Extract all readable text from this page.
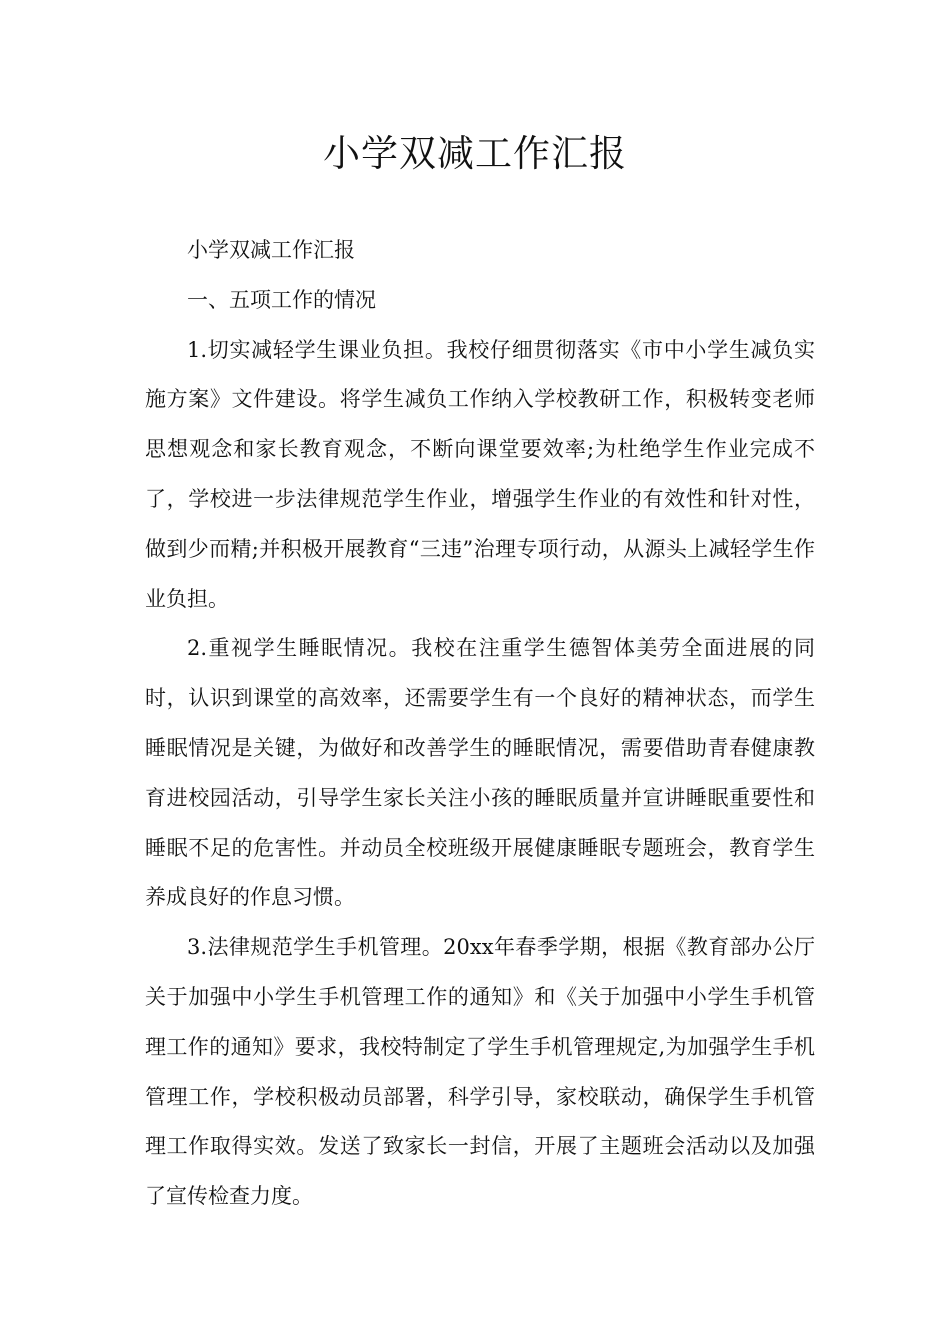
小学双减工作汇报

小学双减工作汇报

一、五项工作的情况

1.切实减轻学生课业负担。我校仔细贯彻落实《市中小学生减负实施方案》文件建设。将学生减负工作纳入学校教研工作，积极转变老师思想观念和家长教育观念，不断向课堂要效率;为杜绝学生作业完成不了，学校进一步法律规范学生作业，增强学生作业的有效性和针对性，做到少而精;并积极开展教育“三违”治理专项行动，从源头上减轻学生作业负担。

2.重视学生睡眠情况。我校在注重学生德智体美劳全面进展的同时，认识到课堂的高效率，还需要学生有一个良好的精神状态，而学生睡眠情况是关键，为做好和改善学生的睡眠情况，需要借助青春健康教育进校园活动，引导学生家长关注小孩的睡眠质量并宣讲睡眠重要性和睡眠不足的危害性。并动员全校班级开展健康睡眠专题班会，教育学生养成良好的作息习惯。

3.法律规范学生手机管理。20xx年春季学期，根据《教育部办公厅关于加强中小学生手机管理工作的通知》和《关于加强中小学生手机管理工作的通知》要求，我校特制定了学生手机管理规定,为加强学生手机管理工作，学校积极动员部署，科学引导，家校联动，确保学生手机管理工作取得实效。发送了致家长一封信，开展了主题班会活动以及加强了宣传检查力度。
